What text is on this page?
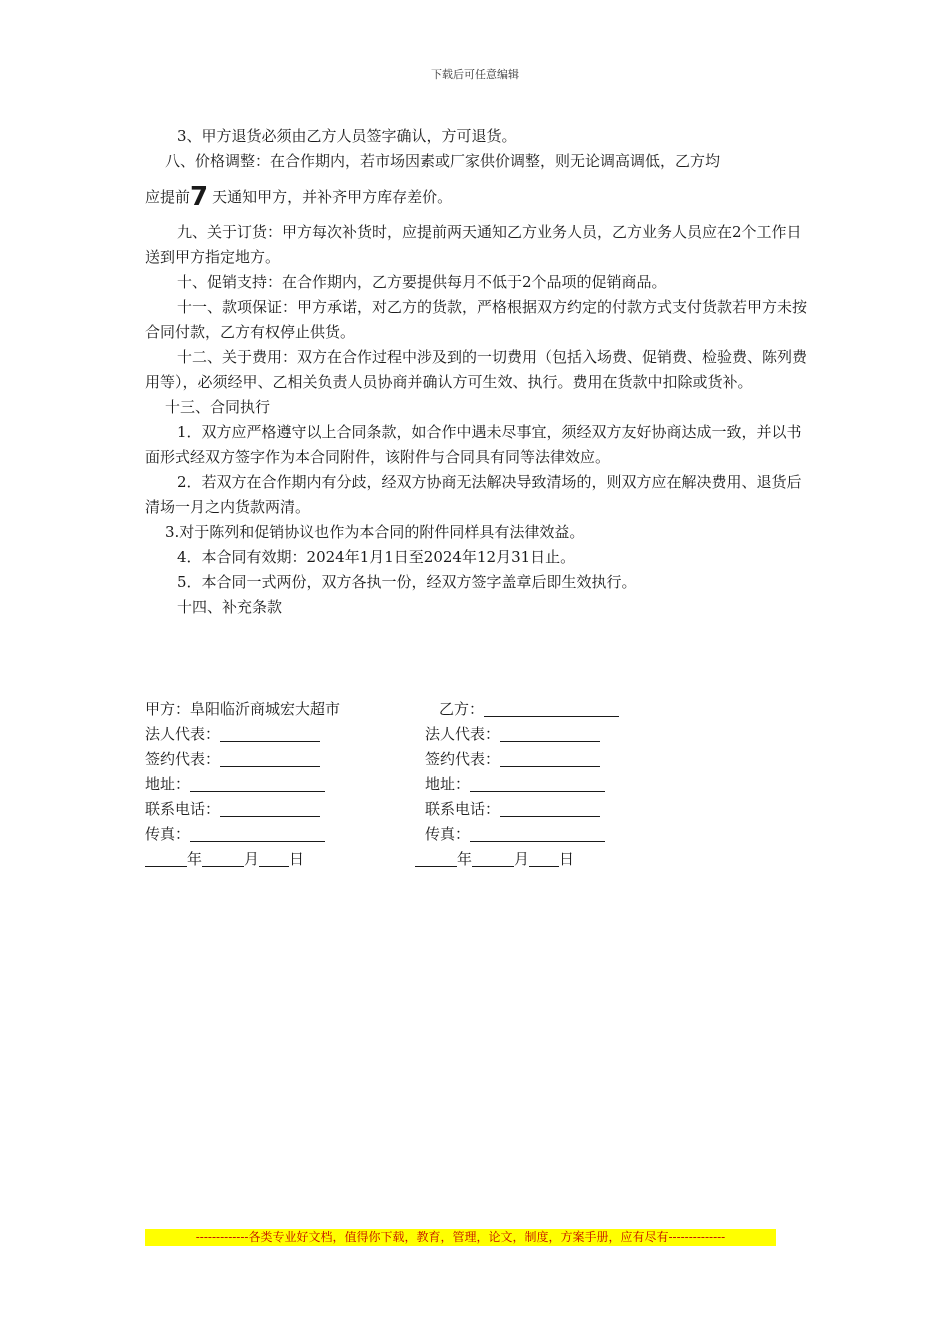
下载后可任意编辑

3、甲方退货必须由乙方人员签字确认，方可退货。

八、价格调整：在合作期内，若市场因素或厂家供价调整，则无论调高调低，乙方均

应提前7 天通知甲方，并补齐甲方库存差价。

九、关于订货：甲方每次补货时，应提前两天通知乙方业务人员，乙方业务人员应在2个工作日送到甲方指定地方。

十、促销支持：在合作期内，乙方要提供每月不低于2个品项的促销商品。

十一、款项保证：甲方承诺，对乙方的货款，严格根据双方约定的付款方式支付货款若甲方未按合同付款，乙方有权停止供货。

十二、关于费用：双方在合作过程中涉及到的一切费用（包括入场费、促销费、检验费、陈列费用等），必须经甲、乙相关负责人员协商并确认方可生效、执行。费用在货款中扣除或货补。

十三、合同执行

1．双方应严格遵守以上合同条款，如合作中遇未尽事宜，须经双方友好协商达成一致，并以书面形式经双方签字作为本合同附件，该附件与合同具有同等法律效应。

2．若双方在合作期内有分歧，经双方协商无法解决导致清场的，则双方应在解决费用、退货后清场一月之内货款两清。

3.对于陈列和促销协议也作为本合同的附件同样具有法律效益。

4．本合同有效期：2024年1月1日至2024年12月31日止。

5．本合同一式两份，双方各执一份，经双方签字盖章后即生效执行。

十四、补充条款

甲方：阜阳临沂商城宏大超市	乙方：
法人代表：	法人代表：
签约代表：	签约代表：
地址：	地址：
联系电话：	联系电话：
传真：	传真：
年	月 日	年	月 日
-------------各类专业好文档，值得你下载，教育，管理，论文，制度，方案手册，应有尽有--------------
